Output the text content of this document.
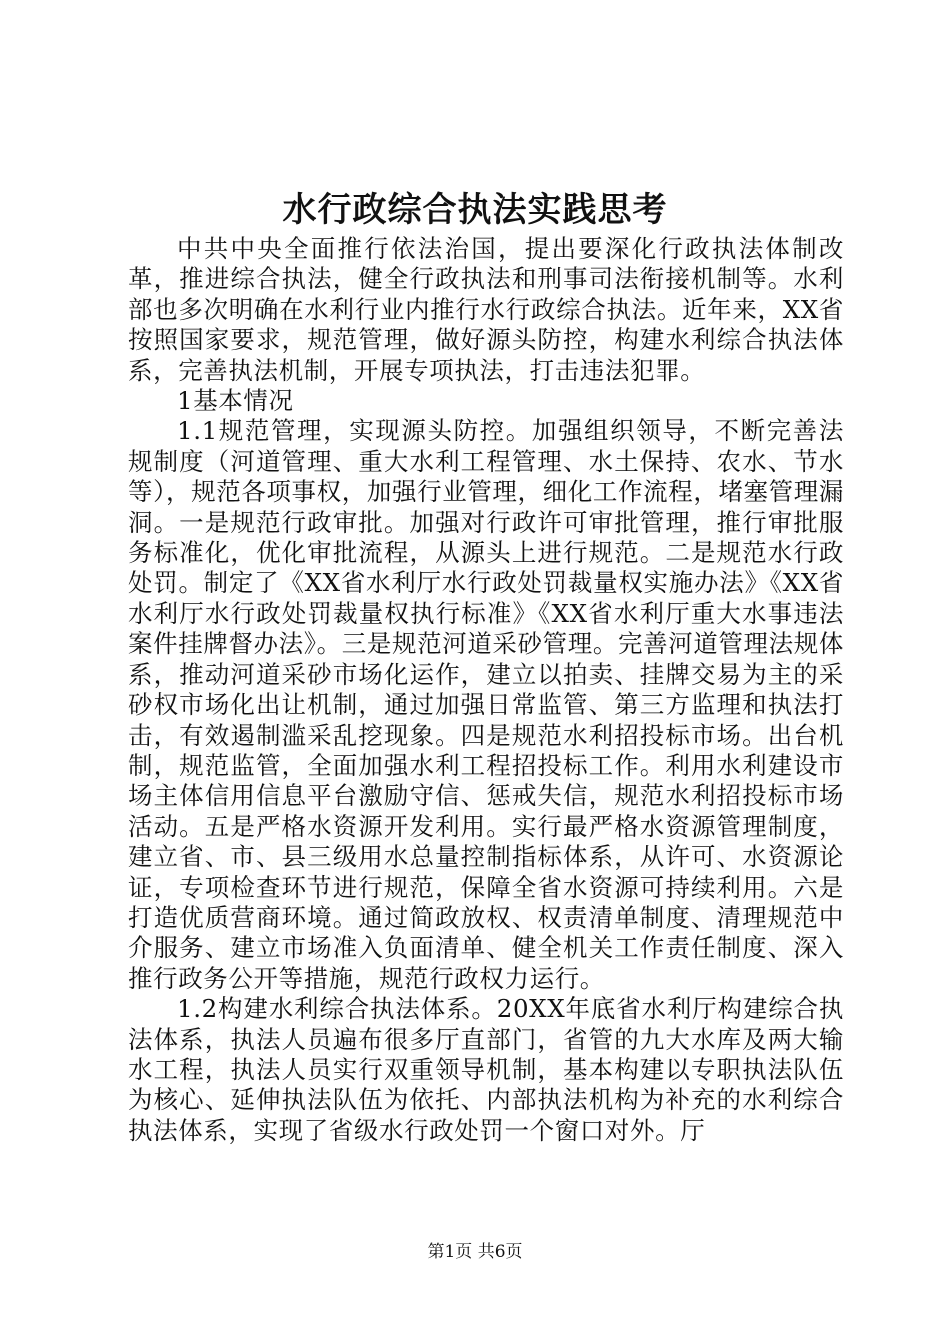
水行政综合执法实践思考

中共中央全面推行依法治国，提出要深化行政执法体制改革，推进综合执法，健全行政执法和刑事司法衔接机制等。水利部也多次明确在水利行业内推行水行政综合执法。近年来，XX省按照国家要求，规范管理，做好源头防控，构建水利综合执法体系，完善执法机制，开展专项执法，打击违法犯罪。

1基本情况

1.1规范管理，实现源头防控。加强组织领导，不断完善法规制度（河道管理、重大水利工程管理、水土保持、农水、节水等），规范各项事权，加强行业管理，细化工作流程，堵塞管理漏洞。一是规范行政审批。加强对行政许可审批管理，推行审批服务标准化，优化审批流程，从源头上进行规范。二是规范水行政处罚。制定了《XX省水利厅水行政处罚裁量权实施办法》《XX省水利厅水行政处罚裁量权执行标准》《XX省水利厅重大水事违法案件挂牌督办法》。三是规范河道采砂管理。完善河道管理法规体系，推动河道采砂市场化运作，建立以拍卖、挂牌交易为主的采砂权市场化出让机制，通过加强日常监管、第三方监理和执法打击，有效遏制滥采乱挖现象。四是规范水利招投标市场。出台机制，规范监管，全面加强水利工程招投标工作。利用水利建设市场主体信用信息平台激励守信、惩戒失信，规范水利招投标市场活动。五是严格水资源开发利用。实行最严格水资源管理制度，建立省、市、县三级用水总量控制指标体系，从许可、水资源论证，专项检查环节进行规范，保障全省水资源可持续利用。六是打造优质营商环境。通过简政放权、权责清单制度、清理规范中介服务、建立市场准入负面清单、健全机关工作责任制度、深入推行政务公开等措施，规范行政权力运行。

1.2构建水利综合执法体系。20XX年底省水利厅构建综合执法体系，执法人员遍布很多厅直部门，省管的九大水库及两大输水工程，执法人员实行双重领导机制，基本构建以专职执法队伍为核心、延伸执法队伍为依托、内部执法机构为补充的水利综合执法体系，实现了省级水行政处罚一个窗口对外。厅

第1页 共6页
